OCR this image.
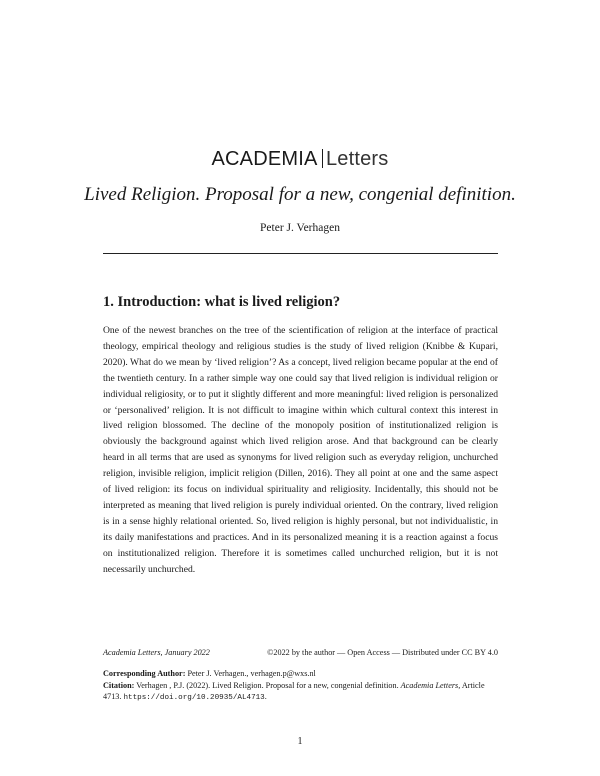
ACADEMIA Letters
Lived Religion. Proposal for a new, congenial definition.
Peter J. Verhagen
1. Introduction: what is lived religion?

One of the newest branches on the tree of the scientification of religion at the interface of practical theology, empirical theology and religious studies is the study of lived religion (Knibbe & Kupari, 2020). What do we mean by ‘lived religion’? As a concept, lived religion became popular at the end of the twentieth century. In a rather simple way one could say that lived religion is individual religion or individual religiosity, or to put it slightly different and more meaningful: lived religion is personalized or ‘personalived’ religion. It is not difficult to imagine within which cultural context this interest in lived religion blossomed. The decline of the monopoly position of institutionalized religion is obviously the background against which lived religion arose. And that background can be clearly heard in all terms that are used as synonyms for lived religion such as everyday religion, unchurched religion, invisible religion, implicit religion (Dillen, 2016). They all point at one and the same aspect of lived religion: its focus on individual spirituality and religiosity. Incidentally, this should not be interpreted as meaning that lived religion is purely individual oriented. On the contrary, lived religion is in a sense highly relational oriented. So, lived religion is highly personal, but not individualistic, in its daily manifestations and practices. And in its personalized meaning it is a reaction against a focus on institutionalized religion. Therefore it is sometimes called unchurched religion, but it is not necessarily unchurched.

Academia Letters, January 2022	©2022 by the author — Open Access — Distributed under CC BY 4.0
Corresponding Author: Peter J. Verhagen., verhagen.p@wxs.nl
Citation: Verhagen , P.J. (2022). Lived Religion. Proposal for a new, congenial definition. Academia Letters, Article 4713. https://doi.org/10.20935/AL4713.
1
